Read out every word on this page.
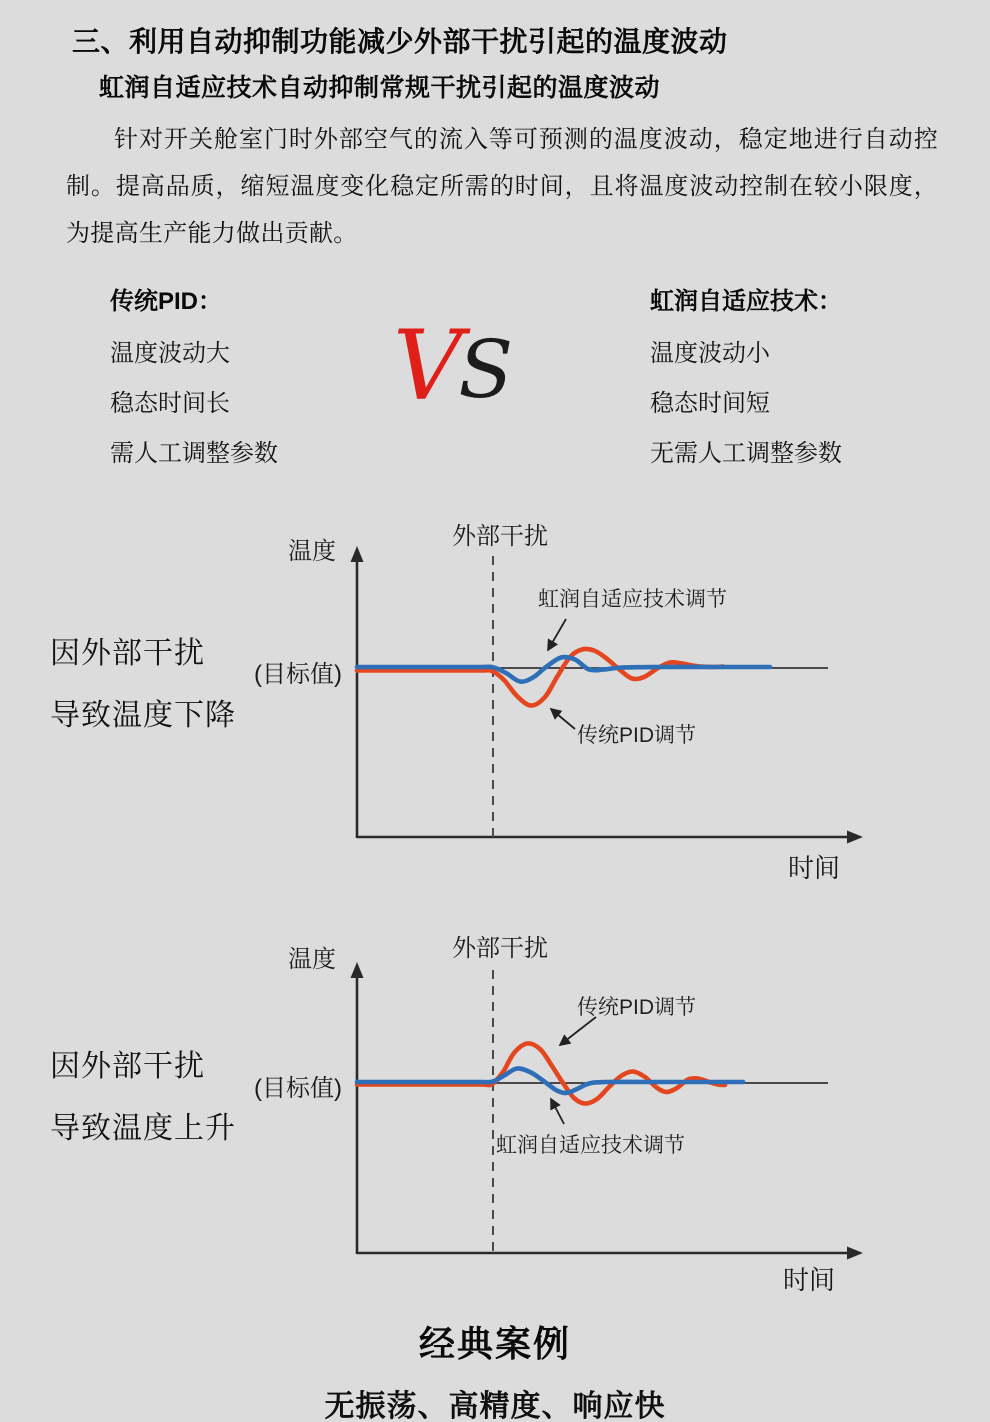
三、利用自动抑制功能减少外部干扰引起的温度波动
虹润自适应技术自动抑制常规干扰引起的温度波动
针对开关舱室门时外部空气的流入等可预测的温度波动，稳定地进行自动控制。提高品质，缩短温度变化稳定所需的时间，且将温度波动控制在较小限度，为提高生产能力做出贡献。
传统PID：
温度波动大
稳态时间长
需人工调整参数
V
S
虹润自适应技术：
温度波动小
稳态时间短
无需人工调整参数
因外部干扰
导致温度下降
温度
外部干扰
(目标值)
时间
虹润自适应技术调节
传统PID调节
因外部干扰
导致温度上升
温度	外部干扰
(目标值)
时间
传统PID调节
虹润自适应技术调节
经典案例
无振荡、高精度、响应快
